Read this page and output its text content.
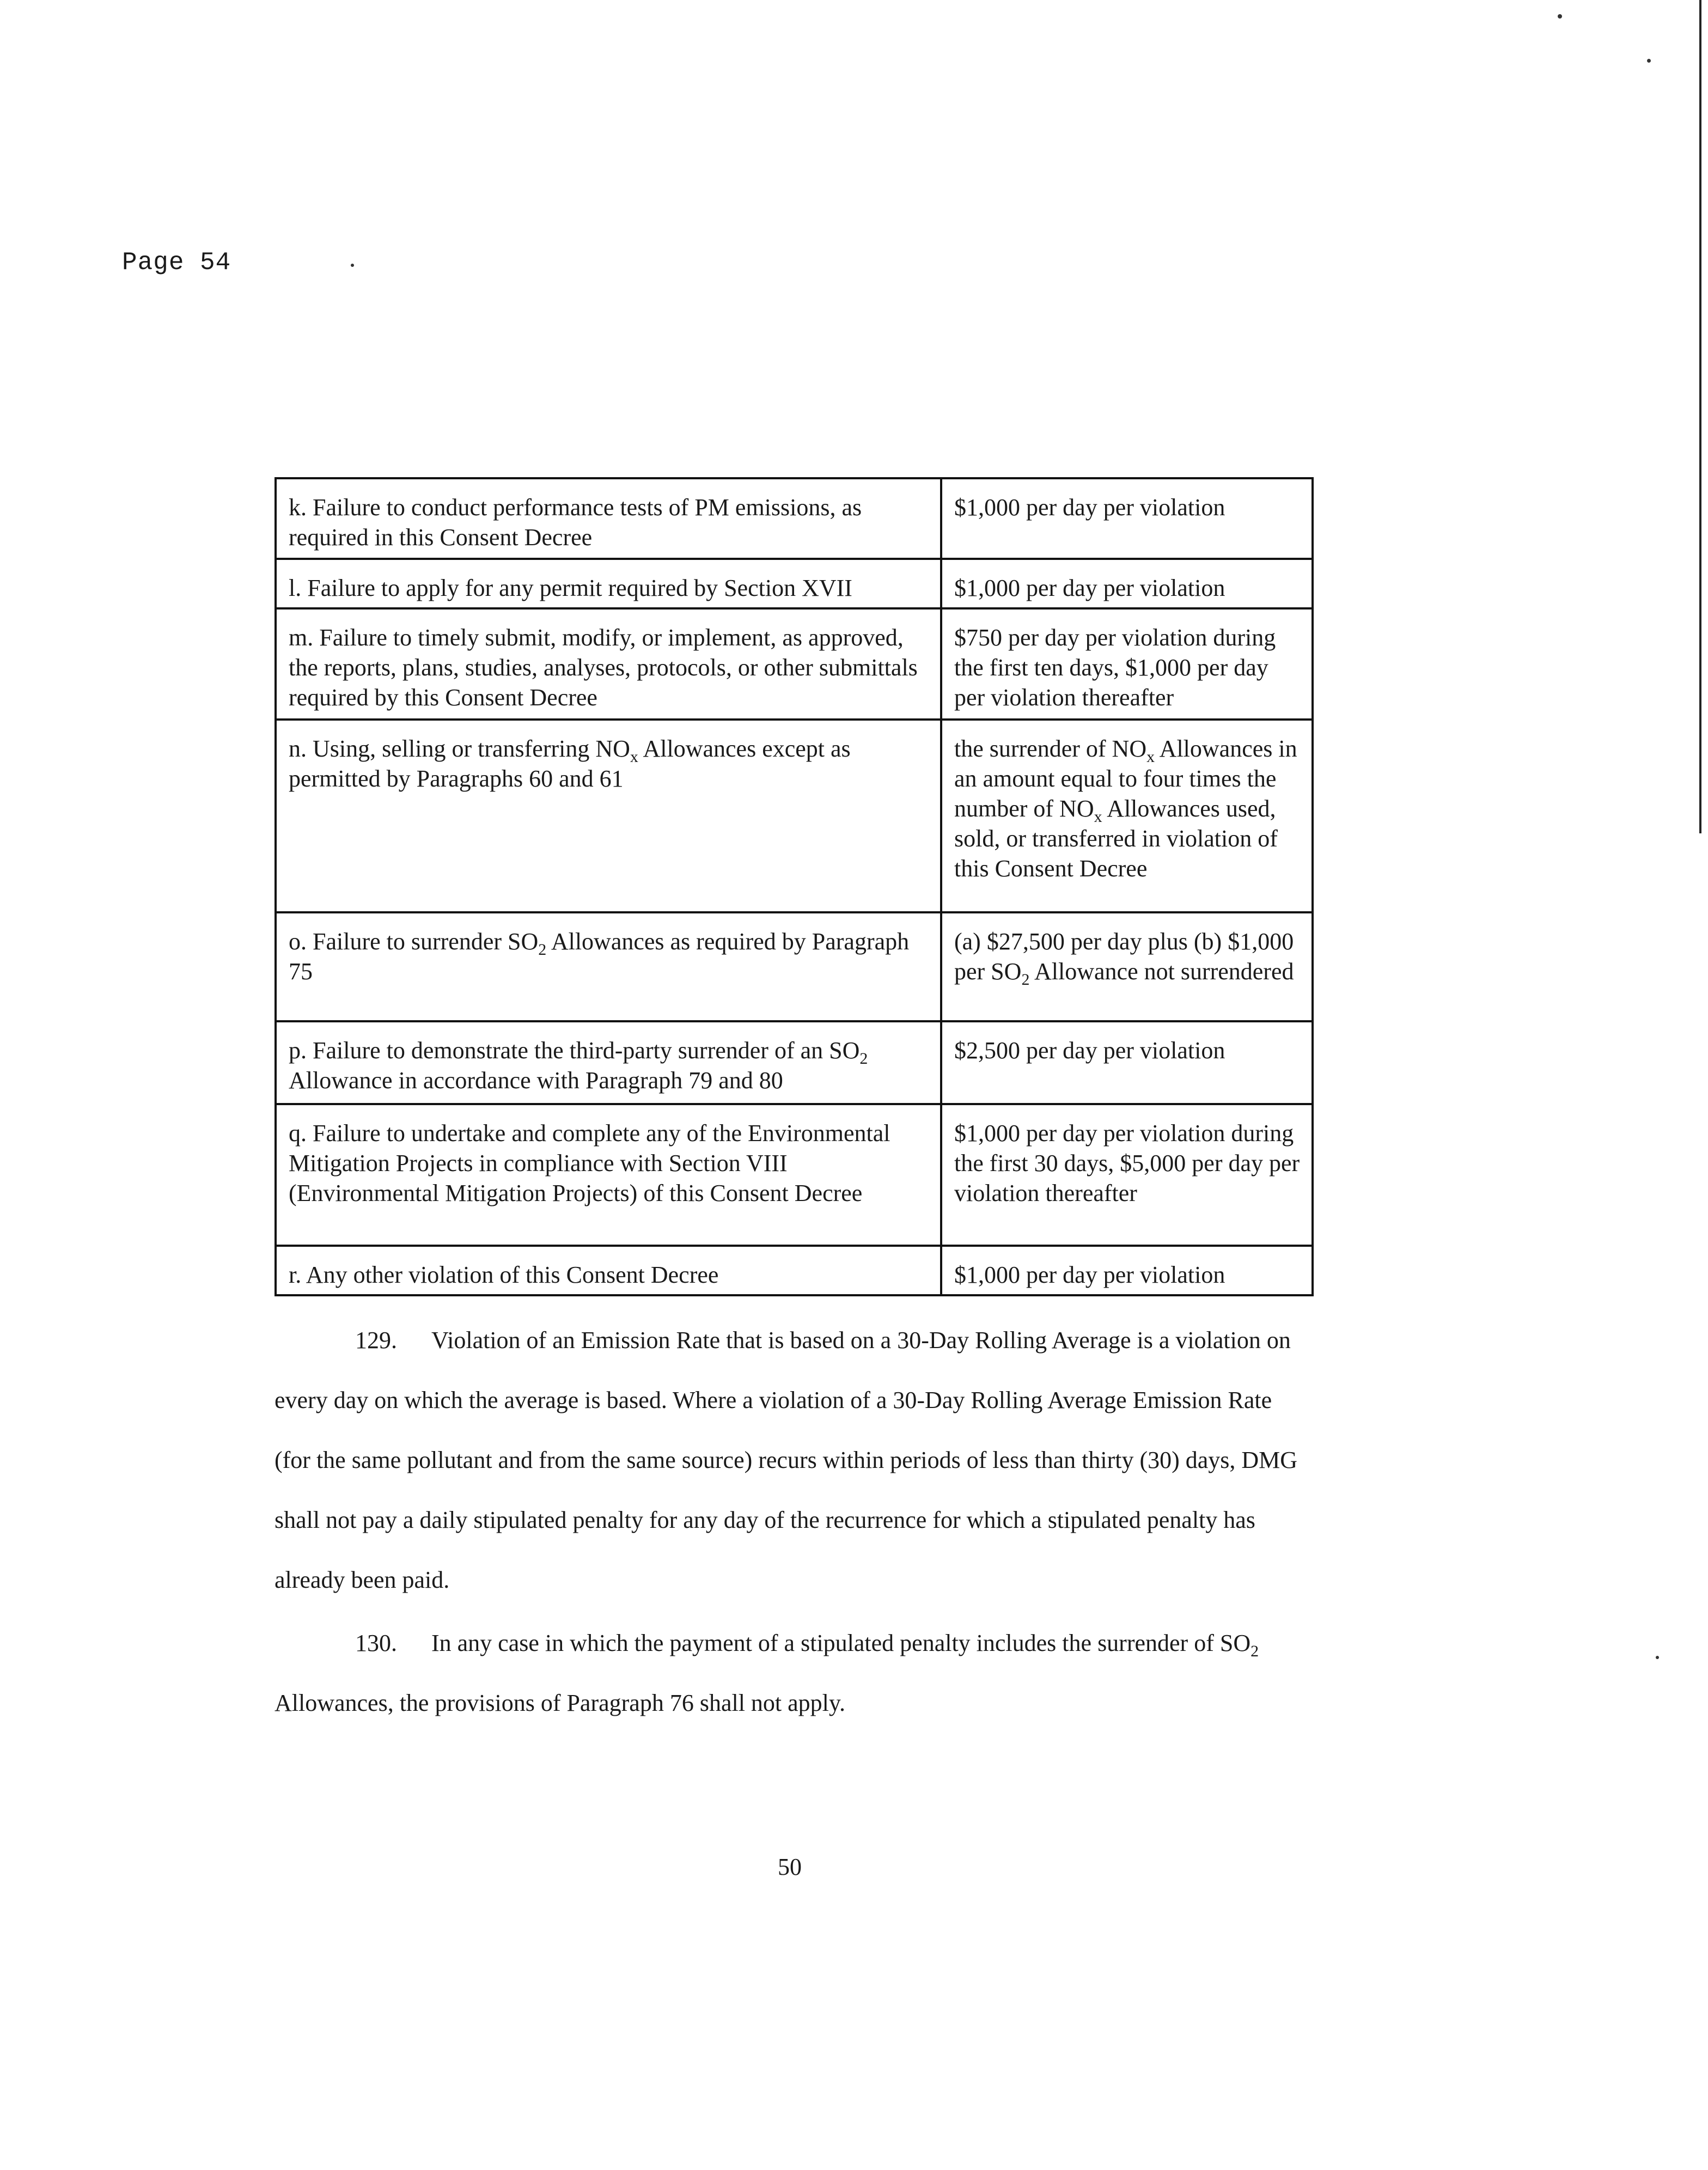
Page 54
k. Failure to conduct performance tests of PM emissions, as required in this Consent Decree	$1,000 per day per violation
l. Failure to apply for any permit required by Section XVII	$1,000 per day per violation
m. Failure to timely submit, modify, or implement, as approved, the reports, plans, studies, analyses, protocols, or other submittals required by this Consent Decree	$750 per day per violation during the first ten days, $1,000 per day per violation thereafter
n. Using, selling or transferring $NO_x$ Allowances except as permitted by Paragraphs 60 and 61	the surrender of $NO_x$ Allowances in an amount equal to four times the number of $NO_x$ Allowances used, sold, or transferred in violation of this Consent Decree
o. Failure to surrender $SO_2$ Allowances as required by Paragraph 75	(a) $27,500 per day plus (b) $1,000 per $SO_2$ Allowance not surrendered
p. Failure to demonstrate the third-party surrender of an $SO_2$ Allowance in accordance with Paragraph 79 and 80	$2,500 per day per violation
q. Failure to undertake and complete any of the Environmental Mitigation Projects in compliance with Section VIII (Environmental Mitigation Projects) of this Consent Decree	$1,000 per day per violation during the first 30 days, $5,000 per day per violation thereafter
r. Any other violation of this Consent Decree	$1,000 per day per violation
129. Violation of an Emission Rate that is based on a 30-Day Rolling Average is a violation on every day on which the average is based. Where a violation of a 30-Day Rolling Average Emission Rate (for the same pollutant and from the same source) recurs within periods of less than thirty (30) days, DMG shall not pay a daily stipulated penalty for any day of the recurrence for which a stipulated penalty has already been paid.
130. In any case in which the payment of a stipulated penalty includes the surrender of $SO_2$ Allowances, the provisions of Paragraph 76 shall not apply.
50
